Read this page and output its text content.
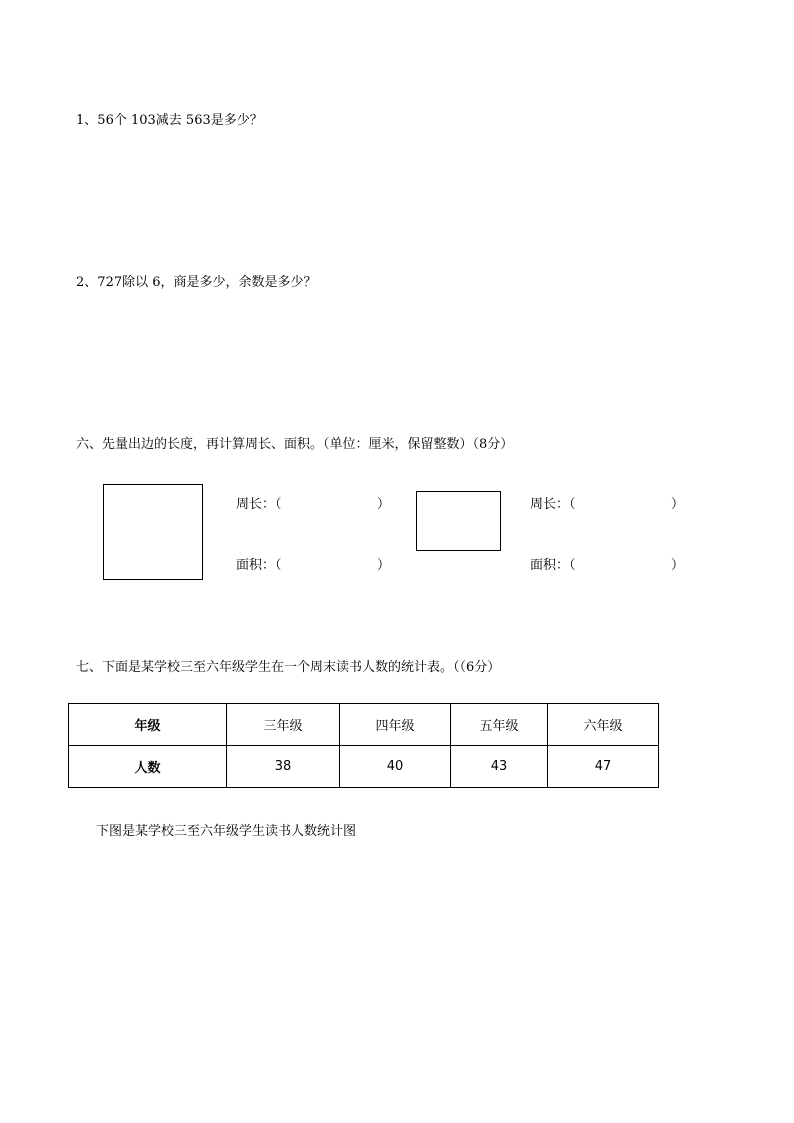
1、56个 103减去 563是多少？
2、727除以 6，商是多少，余数是多少？
六、先量出边的长度，再计算周长、面积。（单位：厘米，保留整数）（8分）
周长：（	）
面积：（	）
周长：（	）
面积：（	）
七、下面是某学校三至六年级学生在一个周末读书人数的统计表。（（6分）
年级	三年级	四年级	五年级	六年级
人数	38	40	43	47
下图是某学校三至六年级学生读书人数统计图
